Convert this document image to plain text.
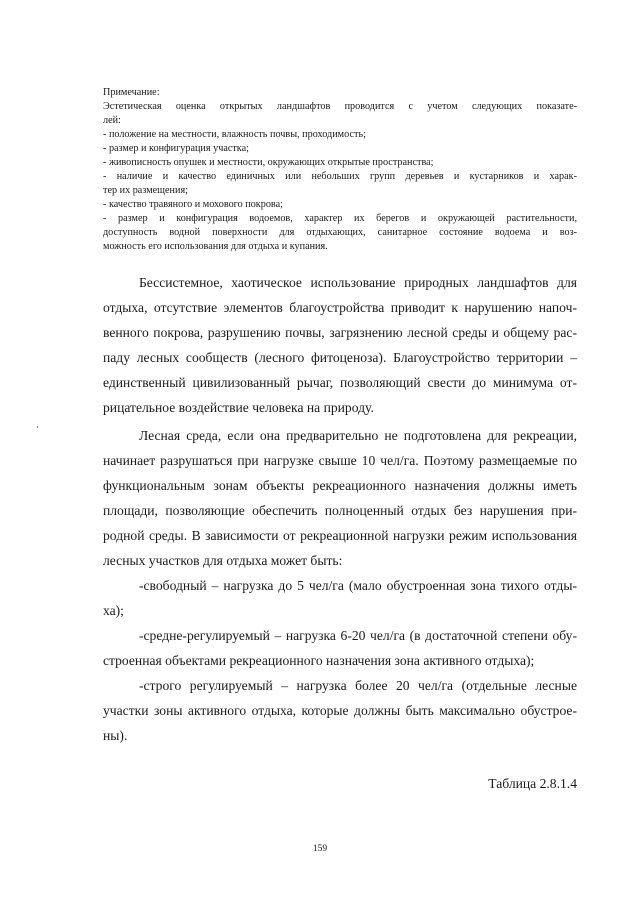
Примечание:
Эстетическая оценка открытых ландшафтов проводится с учетом следующих показате-
лей:
- положение на местности, влажность почвы, проходимость;
- размер и конфигурация участка;
- живописность опушек и местности, окружающих открытые пространства;
- наличие и качество единичных или небольших групп деревьев и кустарников и харак-
тер их размещения;
- качество травяного и мохового покрова;
- размер и конфигурация водоемов, характер их берегов и окружающей растительности,
доступность водной поверхности для отдыхающих, санитарное состояние водоема и воз-
можность его использования для отдыха и купания.

Бессистемное, хаотическое использование природных ландшафтов для
отдыха, отсутствие элементов благоустройства приводит к нарушению напоч-
венного покрова, разрушению почвы, загрязнению лесной среды и общему рас-
паду лесных сообществ (лесного фитоценоза). Благоустройство территории –
единственный цивилизованный рычаг, позволяющий свести до минимума от-
рицательное воздействие человека на природу.

Лесная среда, если она предварительно не подготовлена для рекреации,
начинает разрушаться при нагрузке свыше 10 чел/га. Поэтому размещаемые по
функциональным зонам объекты рекреационного назначения должны иметь
площади, позволяющие обеспечить полноценный отдых без нарушения при-
родной среды. В зависимости от рекреационной нагрузки режим использования
лесных участков для отдыха может быть:

-свободный – нагрузка до 5 чел/га (мало обустроенная зона тихого отды-
ха);

-средне-регулируемый – нагрузка 6-20 чел/га (в достаточной степени обу-
строенная объектами рекреационного назначения зона активного отдыха);

-строго регулируемый – нагрузка более 20 чел/га (отдельные лесные
участки зоны активного отдыха, которые должны быть максимально обустрое-
ны).

Таблица 2.8.1.4
159
